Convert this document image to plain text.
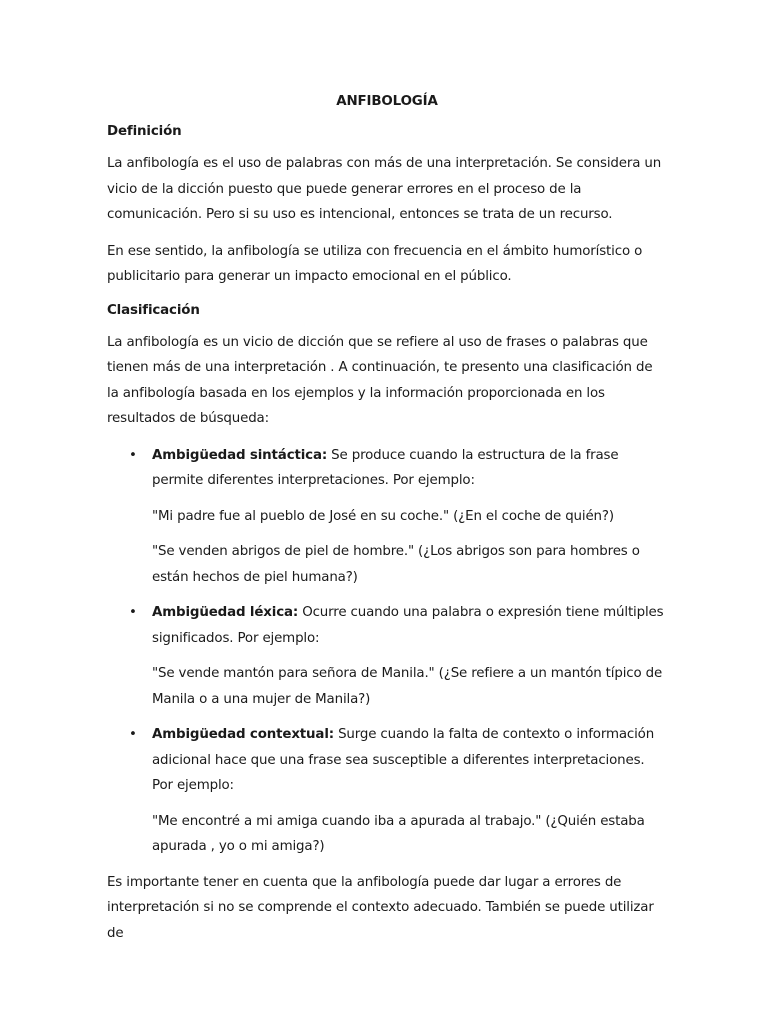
ANFIBOLOGÍA
Definición

La anfibología es el uso de palabras con más de una interpretación. Se considera un vicio de la dicción puesto que puede generar errores en el proceso de la comunicación. Pero si su uso es intencional, entonces se trata de un recurso.

En ese sentido, la anfibología se utiliza con frecuencia en el ámbito humorístico o publicitario para generar un impacto emocional en el público.

Clasificación

La anfibología es un vicio de dicción que se refiere al uso de frases o palabras que tienen más de una interpretación . A continuación, te presento una clasificación de la anfibología basada en los ejemplos y la información proporcionada en los resultados de búsqueda:

• Ambigüedad sintáctica: Se produce cuando la estructura de la frase permite diferentes interpretaciones. Por ejemplo:
"Mi padre fue al pueblo de José en su coche." (¿En el coche de quién?)
"Se venden abrigos de piel de hombre." (¿Los abrigos son para hombres o están hechos de piel humana?)
• Ambigüedad léxica: Ocurre cuando una palabra o expresión tiene múltiples significados. Por ejemplo:
"Se vende mantón para señora de Manila." (¿Se refiere a un mantón típico de Manila o a una mujer de Manila?)
• Ambigüedad contextual: Surge cuando la falta de contexto o información adicional hace que una frase sea susceptible a diferentes interpretaciones. Por ejemplo:
"Me encontré a mi amiga cuando iba a apurada al trabajo." (¿Quién estaba apurada , yo o mi amiga?)

Es importante tener en cuenta que la anfibología puede dar lugar a errores de interpretación si no se comprende el contexto adecuado. También se puede utilizar de
